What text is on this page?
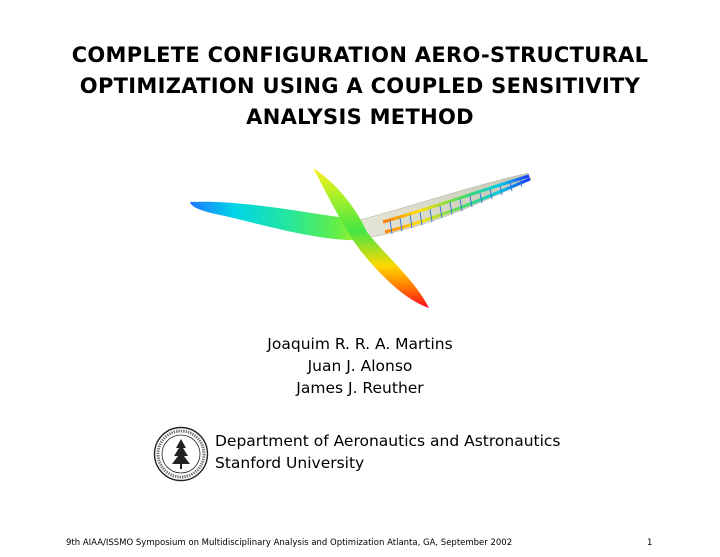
COMPLETE CONFIGURATION AERO-STRUCTURAL
OPTIMIZATION USING A COUPLED SENSITIVITY
ANALYSIS METHOD
Joaquim R. R. A. Martins
Juan J. Alonso
James J. Reuther
Department of Aeronautics and Astronautics
Stanford University
9th AIAA/ISSMO Symposium on Multidisciplinary Analysis and Optimization Atlanta, GA, September 2002	1
